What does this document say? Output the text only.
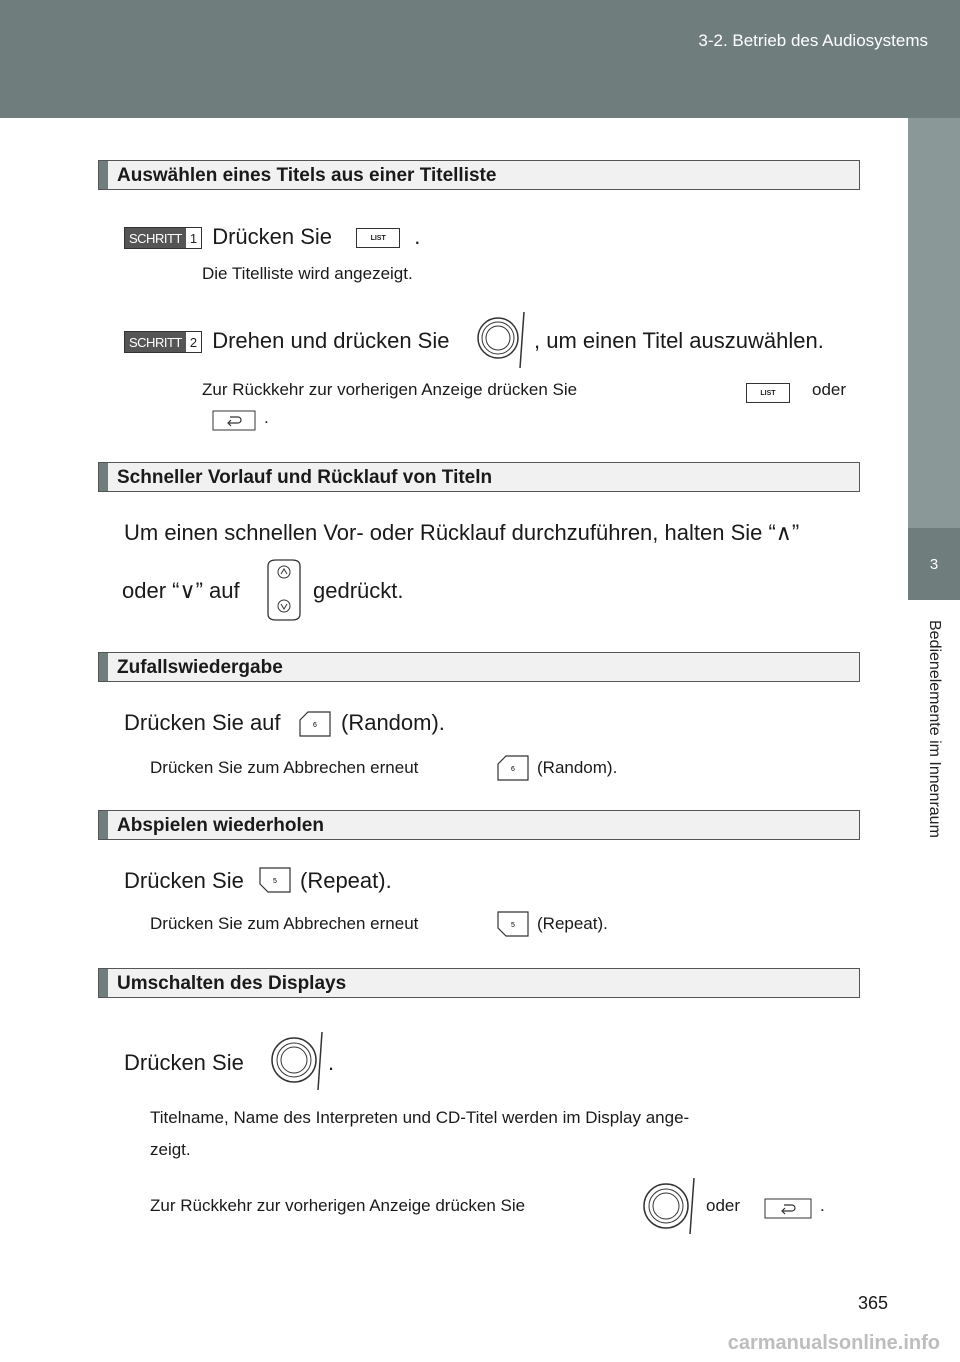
3-2. Betrieb des Audiosystems
3
Bedienelemente im Innenraum
Auswählen eines Titels aus einer Titelliste
SCHRITT 1 Drücken Sie	LIST .
Die Titelliste wird angezeigt.
SCHRITT 2 Drehen und drücken Sie	, um einen Titel auszuwählen.
Zur Rückkehr zur vorherigen Anzeige drücken Sie	LIST	oder
.
Schneller Vorlauf und Rücklauf von Titeln
Um einen schnellen Vor- oder Rücklauf durchzuführen, halten Sie “∧”
oder “∨” auf	gedrückt.
Zufallswiedergabe
Drücken Sie auf	6 (Random).
Drücken Sie zum Abbrechen erneut	6 (Random).
Abspielen wiederholen
Drücken Sie	5 (Repeat).
Drücken Sie zum Abbrechen erneut	5 (Repeat).
Umschalten des Displays
Drücken Sie	.
Titelname, Name des Interpreten und CD-Titel werden im Display ange-
zeigt.
Zur Rückkehr zur vorherigen Anzeige drücken Sie	oder	.
365
carmanualsonline.info
